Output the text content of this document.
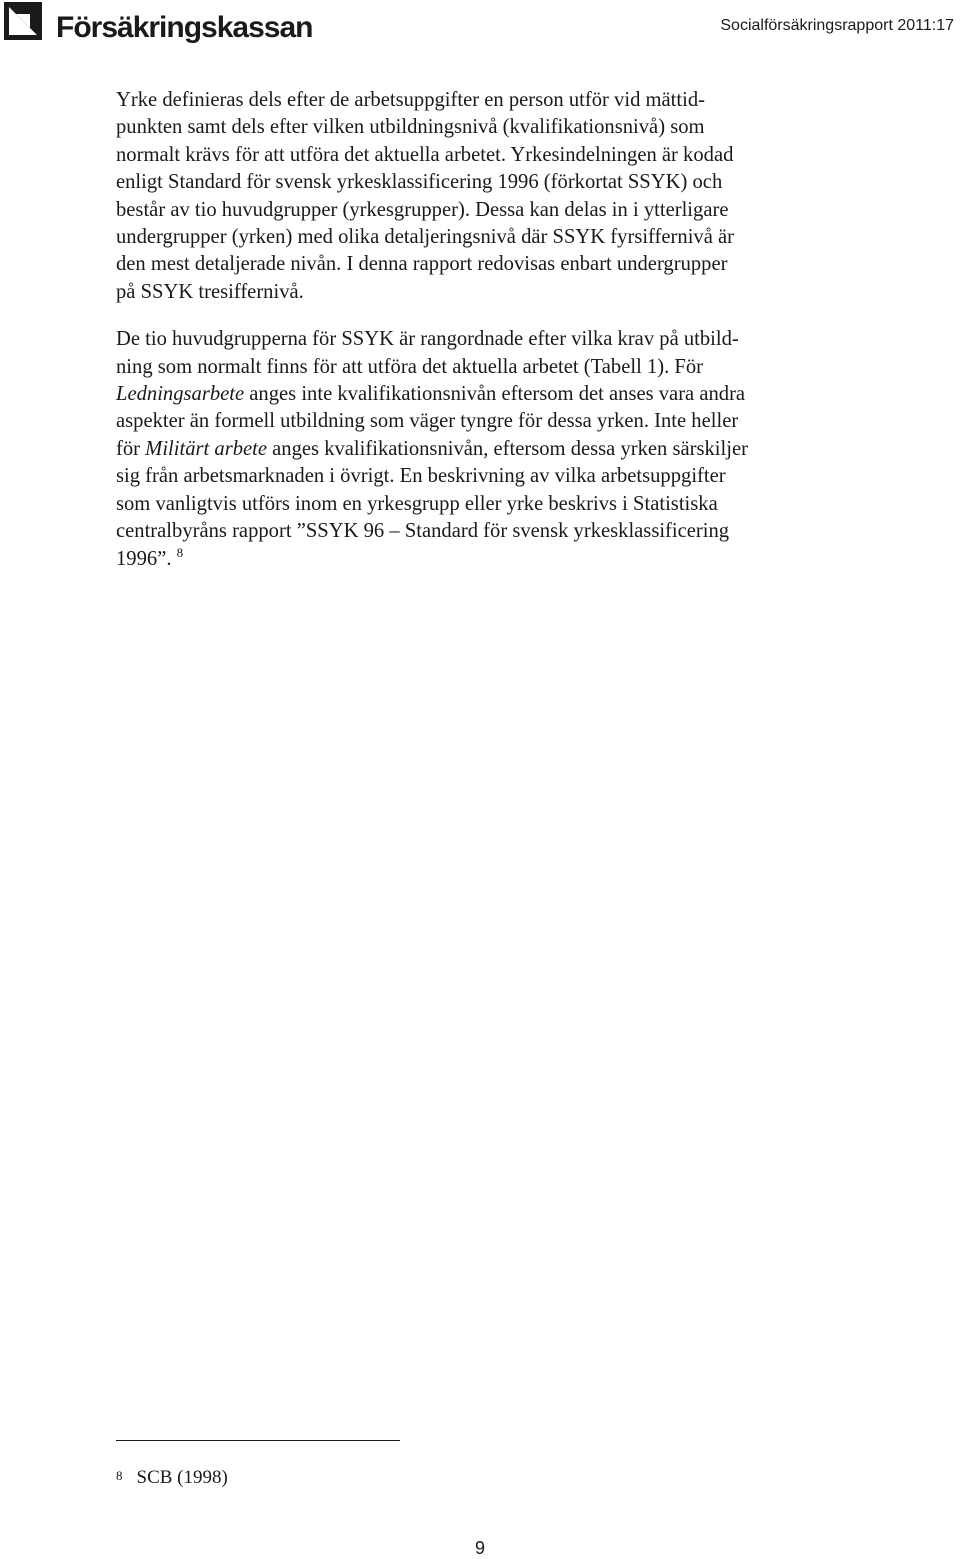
Försäkringskassan	Socialförsäkringsrapport 2011:17

Yrke definieras dels efter de arbetsuppgifter en person utför vid mättid-
punkten samt dels efter vilken utbildningsnivå (kvalifikationsnivå) som
normalt krävs för att utföra det aktuella arbetet. Yrkesindelningen är kodad
enligt Standard för svensk yrkesklassificering 1996 (förkortat SSYK) och
består av tio huvudgrupper (yrkesgrupper). Dessa kan delas in i ytterligare
undergrupper (yrken) med olika detaljeringsnivå där SSYK fyrsiffernivå är
den mest detaljerade nivån. I denna rapport redovisas enbart undergrupper
på SSYK tresiffernivå.

De tio huvudgrupperna för SSYK är rangordnade efter vilka krav på utbild-
ning som normalt finns för att utföra det aktuella arbetet (Tabell 1). För
Ledningsarbete anges inte kvalifikationsnivån eftersom det anses vara andra
aspekter än formell utbildning som väger tyngre för dessa yrken. Inte heller
för Militärt arbete anges kvalifikationsnivån, eftersom dessa yrken särskiljer
sig från arbetsmarknaden i övrigt. En beskrivning av vilka arbetsuppgifter
som vanligtvis utförs inom en yrkesgrupp eller yrke beskrivs i Statistiska
centralbyråns rapport ”SSYK 96 – Standard för svensk yrkesklassificering
1996”. $^8$

$^8$ SCB (1998)
9
